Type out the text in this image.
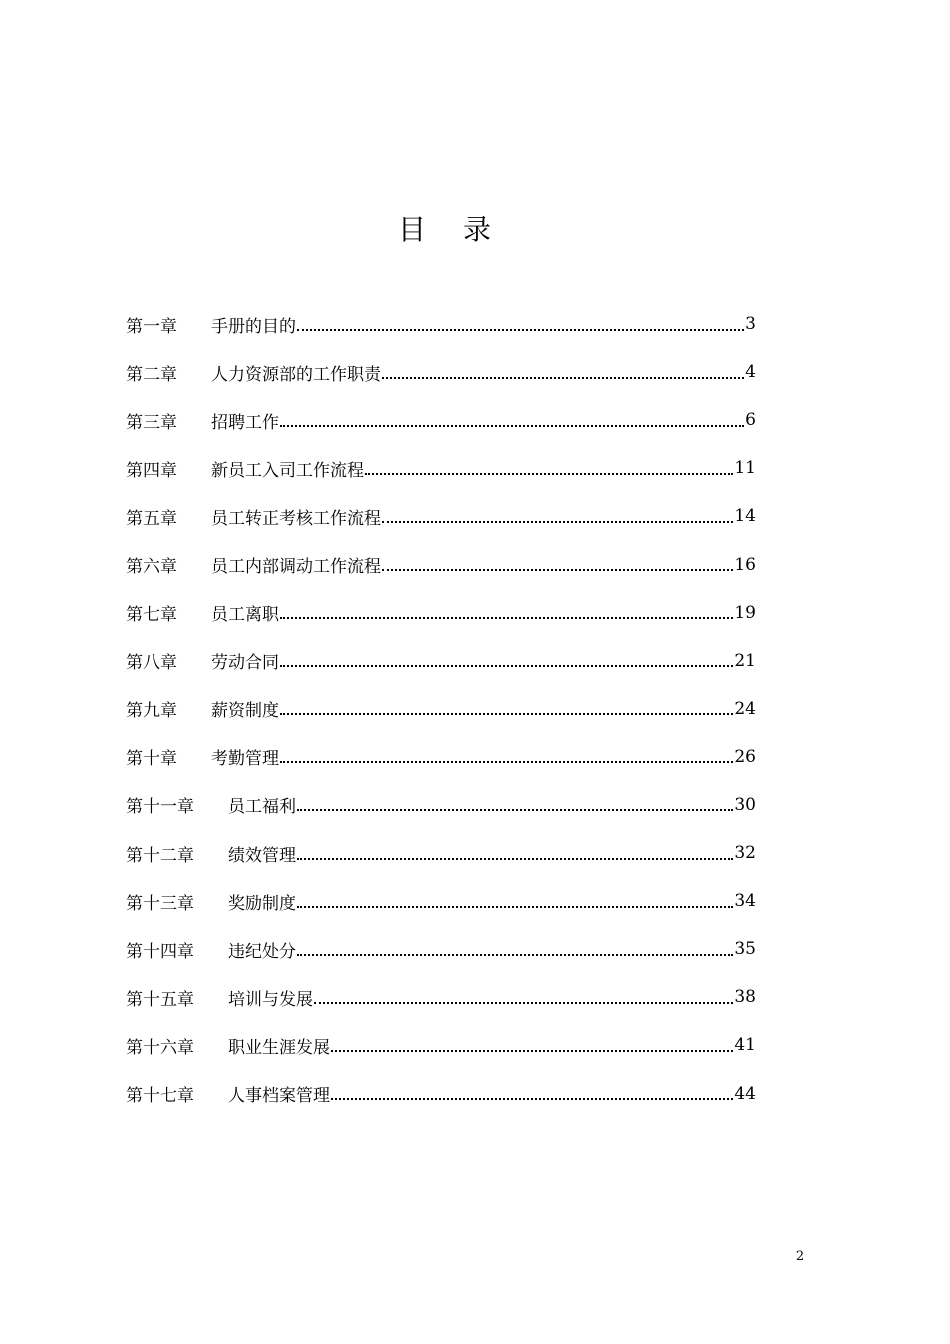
目 录
第一章	手册的目的	3
第二章	人力资源部的工作职责	4
第三章	招聘工作	6
第四章	新员工入司工作流程	11
第五章	员工转正考核工作流程	14
第六章	员工内部调动工作流程	16
第七章	员工离职	19
第八章	劳动合同	21
第九章	薪资制度	24
第十章	考勤管理	26
第十一章	员工福利	30
第十二章	绩效管理	32
第十三章	奖励制度	34
第十四章	违纪处分	35
第十五章	培训与发展	38
第十六章	职业生涯发展	41
第十七章	人事档案管理	44
2
